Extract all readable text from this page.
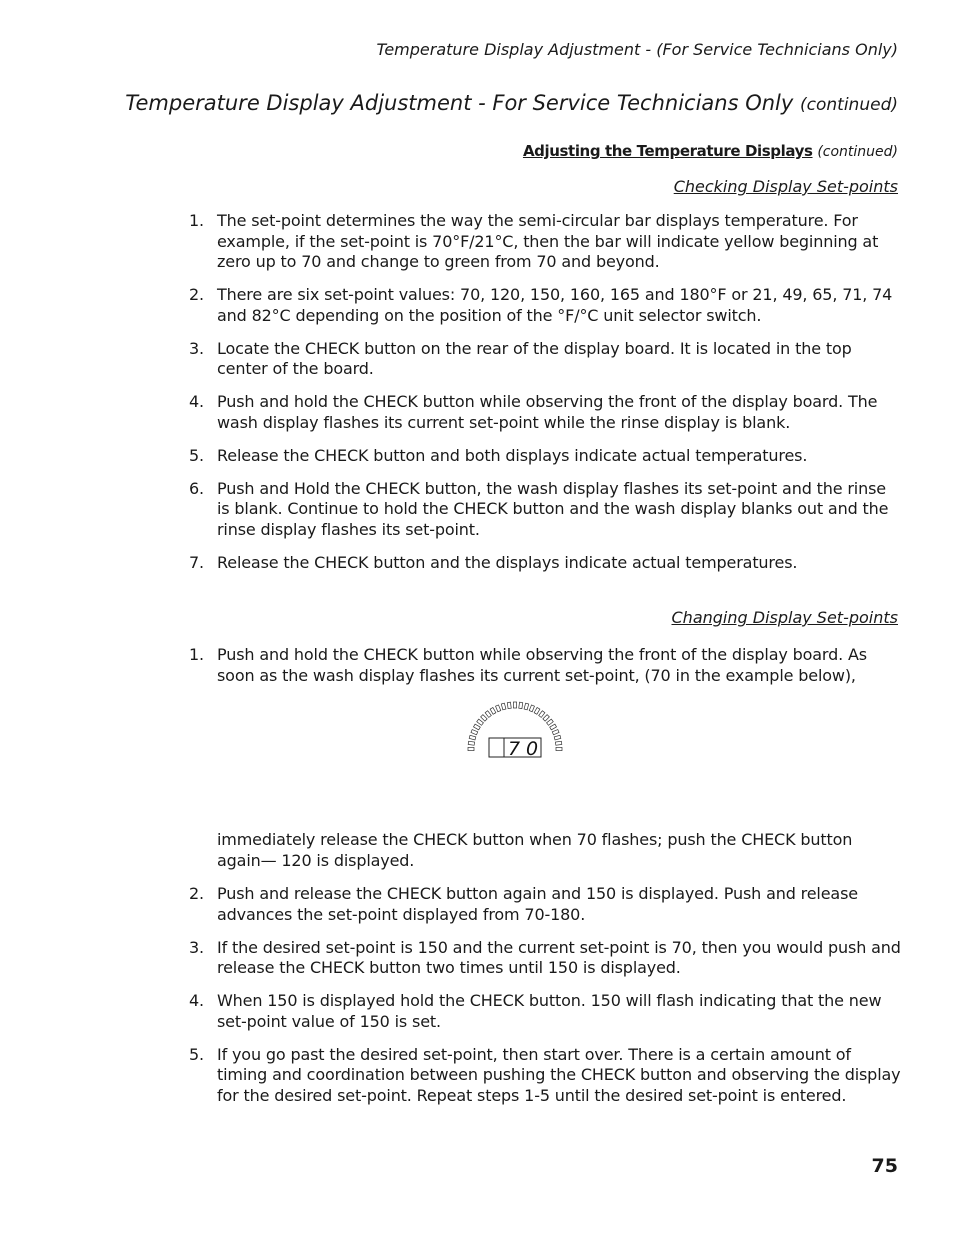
Temperature Display Adjustment - (For Service Technicians Only)
Temperature Display Adjustment - For Service Technicians Only (continued)
Adjusting the Temperature Displays (continued)
Checking Display Set-points
1. The set-point determines the way the semi-circular bar displays temperature. For example, if the set-point is 70°F/21°C, then the bar will indicate yellow beginning at zero up to 70 and change to green from 70 and beyond.
2. There are six set-point values: 70, 120, 150, 160, 165 and 180°F or 21, 49, 65, 71, 74 and 82°C depending on the position of the °F/°C unit selector switch.
3. Locate the CHECK button on the rear of the display board. It is located in the top center of the board.
4. Push and hold the CHECK button while observing the front of the display board. The wash display flashes its current set-point while the rinse display is blank.
5. Release the CHECK button and both displays indicate actual temperatures.
6. Push and Hold the CHECK button, the wash display flashes its set-point and the rinse is blank. Continue to hold the CHECK button and the wash display blanks out and the rinse display flashes its set-point.
7. Release the CHECK button and the displays indicate actual temperatures.
Changing Display Set-points
1. Push and hold the CHECK button while observing the front of the display board. As soon as the wash display flashes its current set-point, (70 in the example below),
7 0
immediately release the CHECK button when 70 flashes; push the CHECK button again— 120 is displayed.
2. Push and release the CHECK button again and 150 is displayed. Push and release advances the set-point displayed from 70-180.
3. If the desired set-point is 150 and the current set-point is 70, then you would push and release the CHECK button two times until 150 is displayed.
4. When 150 is displayed hold the CHECK button. 150 will flash indicating that the new set-point value of 150 is set.
5. If you go past the desired set-point, then start over. There is a certain amount of timing and coordination between pushing the CHECK button and observing the display for the desired set-point. Repeat steps 1-5 until the desired set-point is entered.
75
